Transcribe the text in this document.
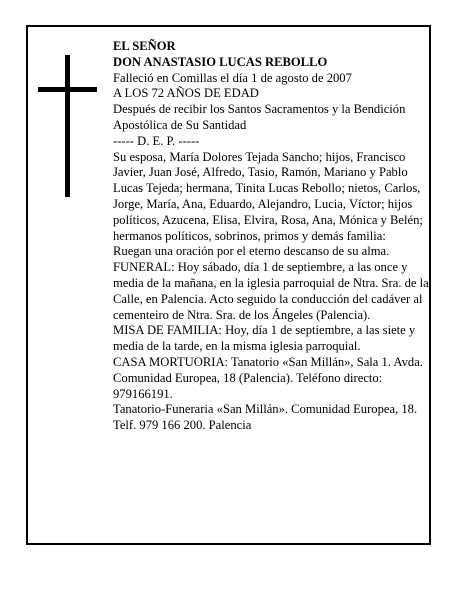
EL SEÑOR

DON ANASTASIO LUCAS REBOLLO

Falleció en Comillas el día 1 de agosto de 2007

A LOS 72 AÑOS DE EDAD

Después de recibir los Santos Sacramentos y la Bendición Apostólica de Su Santidad

----- D. E. P. -----

Su esposa, María Dolores Tejada Sancho; hijos, Francisco Javier, Juan José, Alfredo, Tasio, Ramón, Mariano y Pablo Lucas Tejeda; hermana, Tinita Lucas Rebollo; nietos, Carlos, Jorge, María, Ana, Eduardo, Alejandro, Lucia, Víctor; hijos políticos, Azucena, Elisa, Elvira, Rosa, Ana, Mónica y Belén; hermanos políticos, sobrinos, primos y demás familia:

Ruegan una oración por el eterno descanso de su alma.

FUNERAL: Hoy sábado, día 1 de septiembre, a las once y media de la mañana, en la iglesia parroquial de Ntra. Sra. de la Calle, en Palencia. Acto seguido la conducción del cadáver al cementeiro de Ntra. Sra. de los Ángeles (Palencia).

MISA DE FAMILIA: Hoy, día 1 de septiembre, a las siete y media de la tarde, en la misma iglesia parroquial.

CASA MORTUORIA: Tanatorio «San Millán», Sala 1. Avda. Comunidad Europea, 18 (Palencia). Teléfono directo: 979166191.

Tanatorio-Funeraria «San Millán». Comunidad Europea, 18. Telf. 979 166 200. Palencia
